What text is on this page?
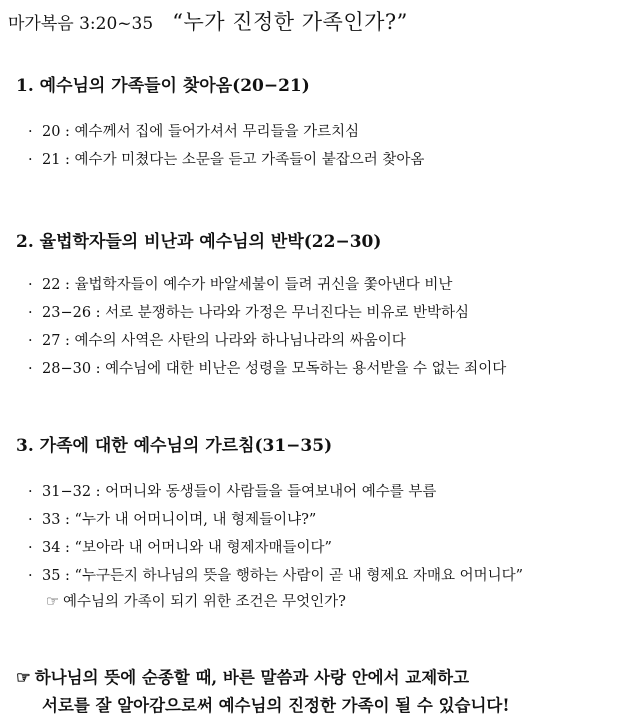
마가복음 3:20~35 “누가 진정한 가족인가?”
1. 예수님의 가족들이 찾아옴(20−21)
· 20 : 예수께서 집에 들어가셔서 무리들을 가르치심
· 21 : 예수가 미쳤다는 소문을 듣고 가족들이 붙잡으러 찾아옴
2. 율법학자들의 비난과 예수님의 반박(22−30)
· 22 : 율법학자들이 예수가 바알세불이 들려 귀신을 쫓아낸다 비난
· 23−26 : 서로 분쟁하는 나라와 가정은 무너진다는 비유로 반박하심
· 27 : 예수의 사역은 사탄의 나라와 하나님나라의 싸움이다
· 28−30 : 예수님에 대한 비난은 성령을 모독하는 용서받을 수 없는 죄이다
3. 가족에 대한 예수님의 가르침(31−35)
· 31−32 : 어머니와 동생들이 사람들을 들여보내어 예수를 부름
· 33 : “누가 내 어머니이며, 내 형제들이냐?”
· 34 : “보아라 내 어머니와 내 형제자매들이다”
· 35 : “누구든지 하나님의 뜻을 행하는 사람이 곧 내 형제요 자매요 어머니다”
☞ 예수님의 가족이 되기 위한 조건은 무엇인가?
☞ 하나님의 뜻에 순종할 때, 바른 말씀과 사랑 안에서 교제하고
서로를 잘 알아감으로써 예수님의 진정한 가족이 될 수 있습니다!
